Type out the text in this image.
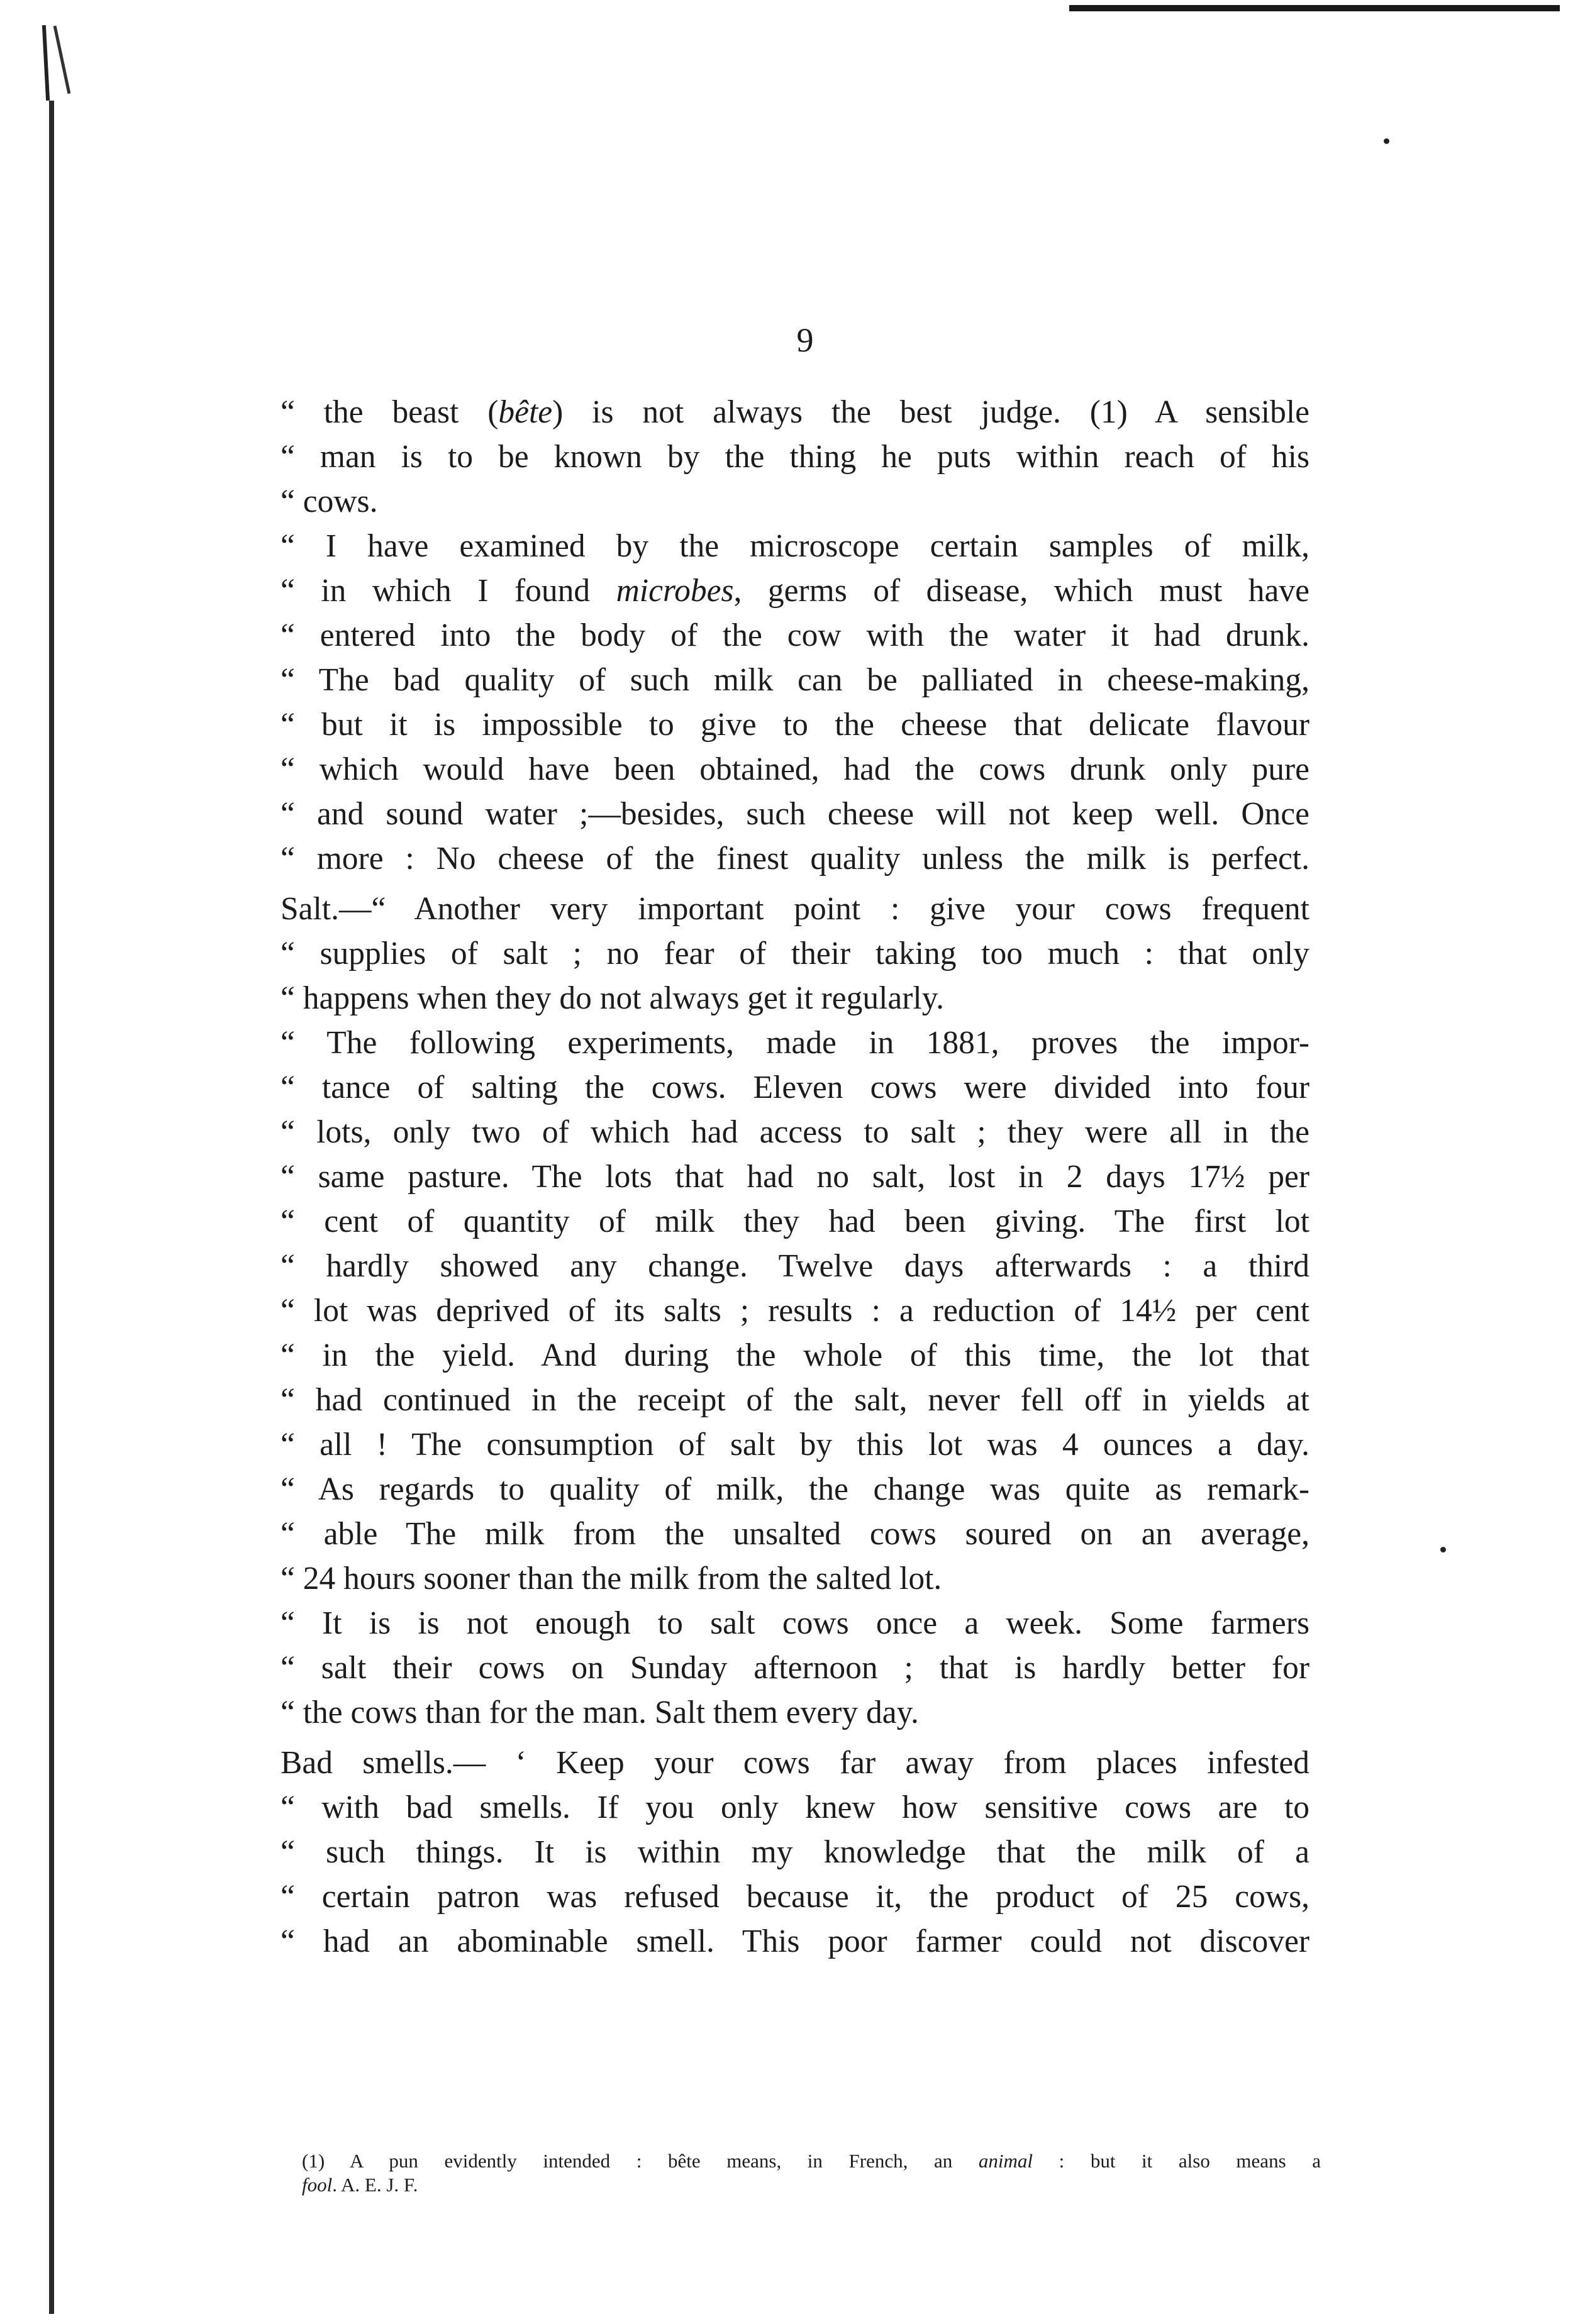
9
“ the beast (bête) is not always the best judge. (1) A sensible
“ man is to be known by the thing he puts within reach of his
“ cows.
“ I have examined by the microscope certain samples of milk,
“ in which I found microbes, germs of disease, which must have
“ entered into the body of the cow with the water it had drunk.
“ The bad quality of such milk can be palliated in cheese-making,
“ but it is impossible to give to the cheese that delicate flavour
“ which would have been obtained, had the cows drunk only pure
“ and sound water ;—besides, such cheese will not keep well. Once
“ more : No cheese of the finest quality unless the milk is perfect.
Salt.—“ Another very important point : give your cows frequent
“ supplies of salt ; no fear of their taking too much : that only
“ happens when they do not always get it regularly.
“ The following experiments, made in 1881, proves the impor-
“ tance of salting the cows. Eleven cows were divided into four
“ lots, only two of which had access to salt ; they were all in the
“ same pasture. The lots that had no salt, lost in 2 days 17½ per
“ cent of quantity of milk they had been giving. The first lot
“ hardly showed any change. Twelve days afterwards : a third
“ lot was deprived of its salts ; results : a reduction of 14½ per cent
“ in the yield. And during the whole of this time, the lot that
“ had continued in the receipt of the salt, never fell off in yields at
“ all ! The consumption of salt by this lot was 4 ounces a day.
“ As regards to quality of milk, the change was quite as remark-
“ able The milk from the unsalted cows soured on an average,
“ 24 hours sooner than the milk from the salted lot.
“ It is is not enough to salt cows once a week. Some farmers
“ salt their cows on Sunday afternoon ; that is hardly better for
“ the cows than for the man. Salt them every day.
Bad smells.— ‘ Keep your cows far away from places infested
“ with bad smells. If you only knew how sensitive cows are to
“ such things. It is within my knowledge that the milk of a
“ certain patron was refused because it, the product of 25 cows,
“ had an abominable smell. This poor farmer could not discover
(1) A pun evidently intended : bête means, in French, an animal : but it also means a
fool. A. E. J. F.
